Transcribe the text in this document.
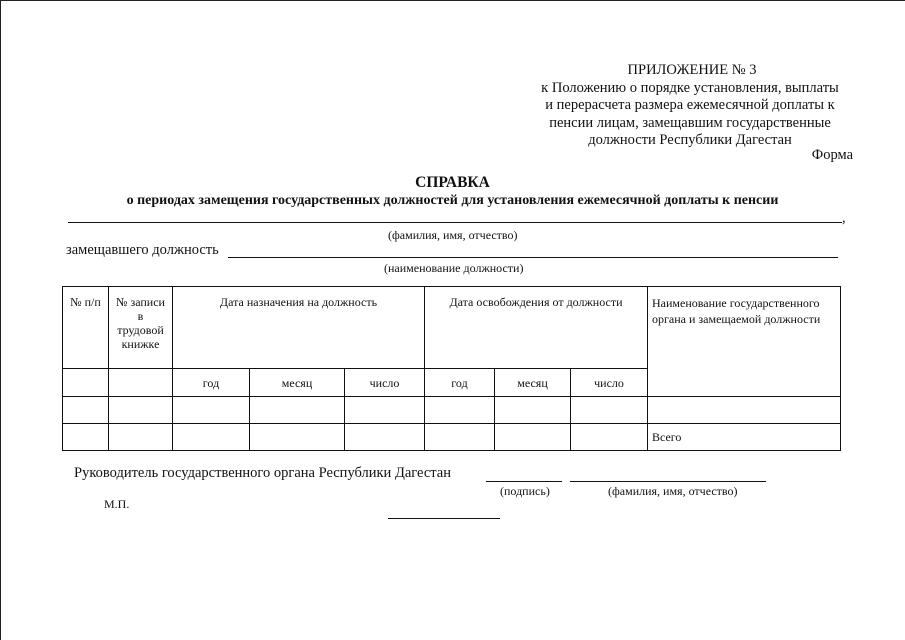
ПРИЛОЖЕНИЕ № 3
к Положению о порядке установления, выплаты
и перерасчета размера ежемесячной доплаты к
пенсии лицам, замещавшим государственные
должности Республики Дагестан
Форма
СПРАВКА
о периодах замещения государственных должностей для установления ежемесячной доплаты к пенсии
,
(фамилия, имя, отчество)
замещавшего должность
(наименование должности)
№ п/п	№ записи
в
трудовой
книжке	Дата назначения на должность			Дата освобождения от должности			Наименование государственного органа и замещаемой должности

		год	месяц	число	год	месяц	число	

								Всего
Руководитель государственного органа Республики Дагестан
(подпись)	(фамилия, имя, отчество)
М.П.
